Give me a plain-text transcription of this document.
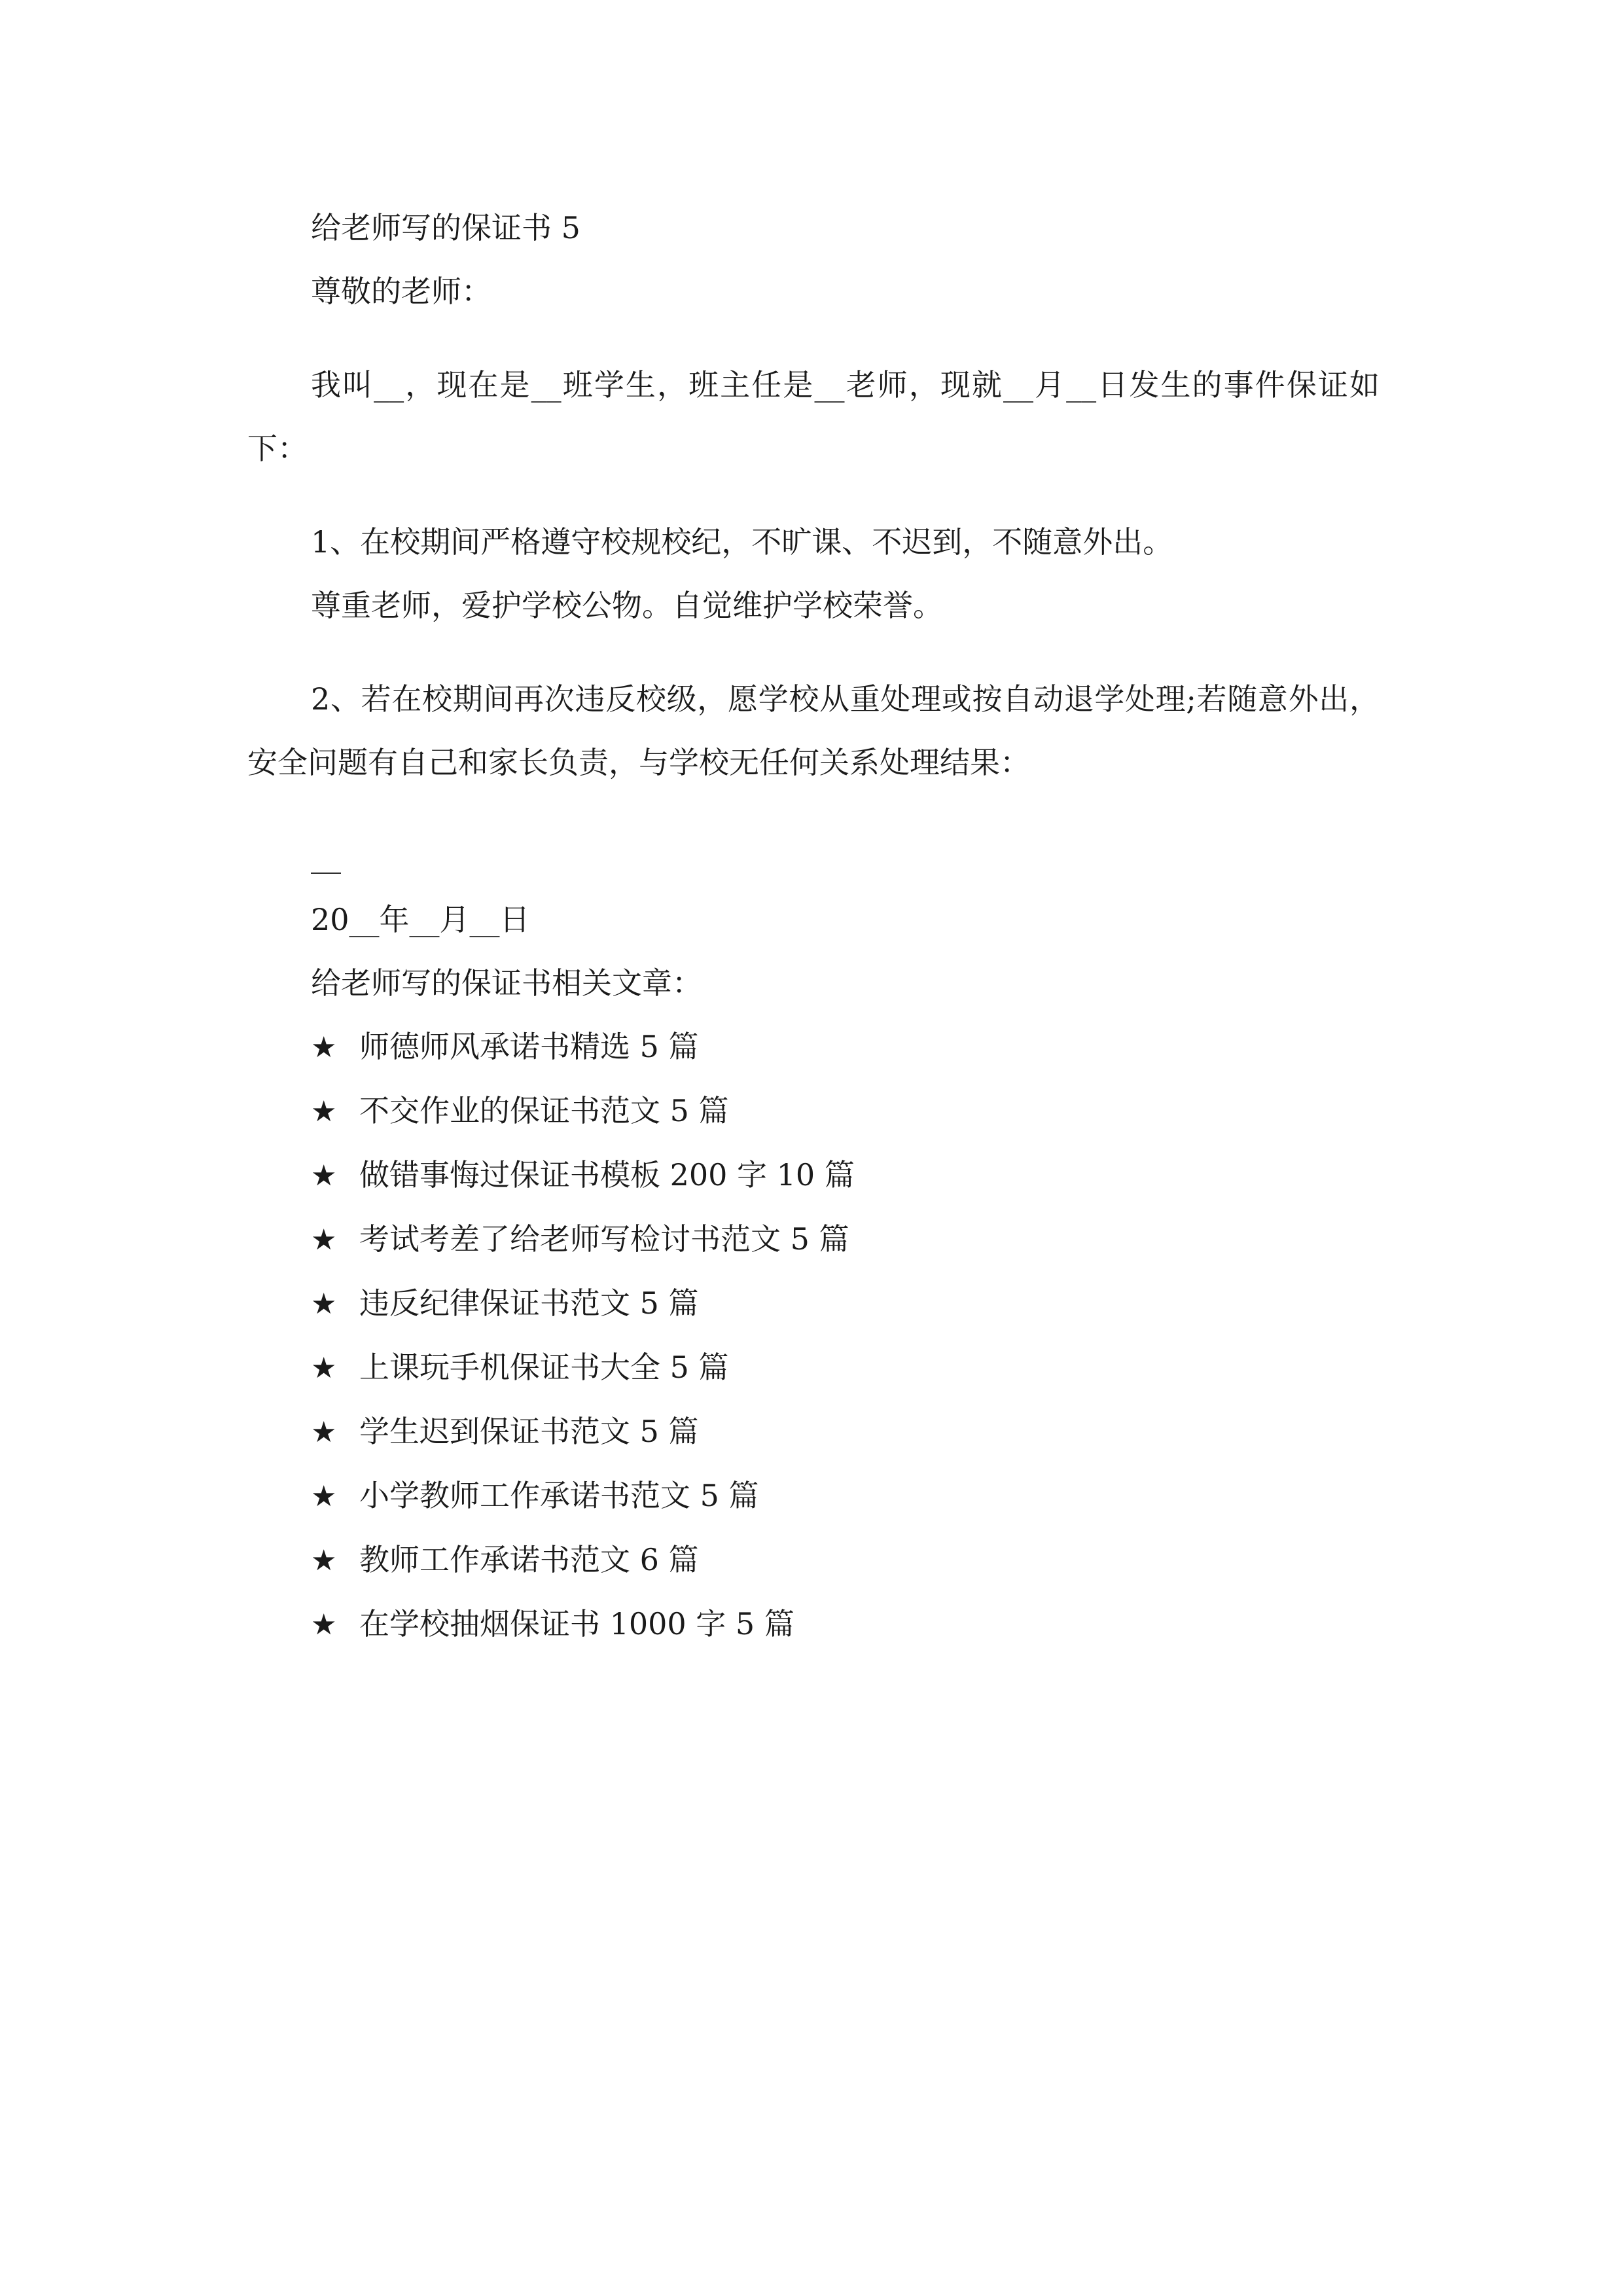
给老师写的保证书 5

尊敬的老师：

我叫__，现在是__班学生，班主任是__老师，现就__月__日发生的事件保证如下：

1、在校期间严格遵守校规校纪，不旷课、不迟到，不随意外出。

尊重老师，爱护学校公物。自觉维护学校荣誉。

2、若在校期间再次违反校级，愿学校从重处理或按自动退学处理;若随意外出，安全问题有自己和家长负责，与学校无任何关系处理结果：

__

20__年__月__日

给老师写的保证书相关文章：

★ 师德师风承诺书精选 5 篇
★ 不交作业的保证书范文 5 篇
★ 做错事悔过保证书模板 200 字 10 篇
★ 考试考差了给老师写检讨书范文 5 篇
★ 违反纪律保证书范文 5 篇
★ 上课玩手机保证书大全 5 篇
★ 学生迟到保证书范文 5 篇
★ 小学教师工作承诺书范文 5 篇
★ 教师工作承诺书范文 6 篇
★ 在学校抽烟保证书 1000 字 5 篇
